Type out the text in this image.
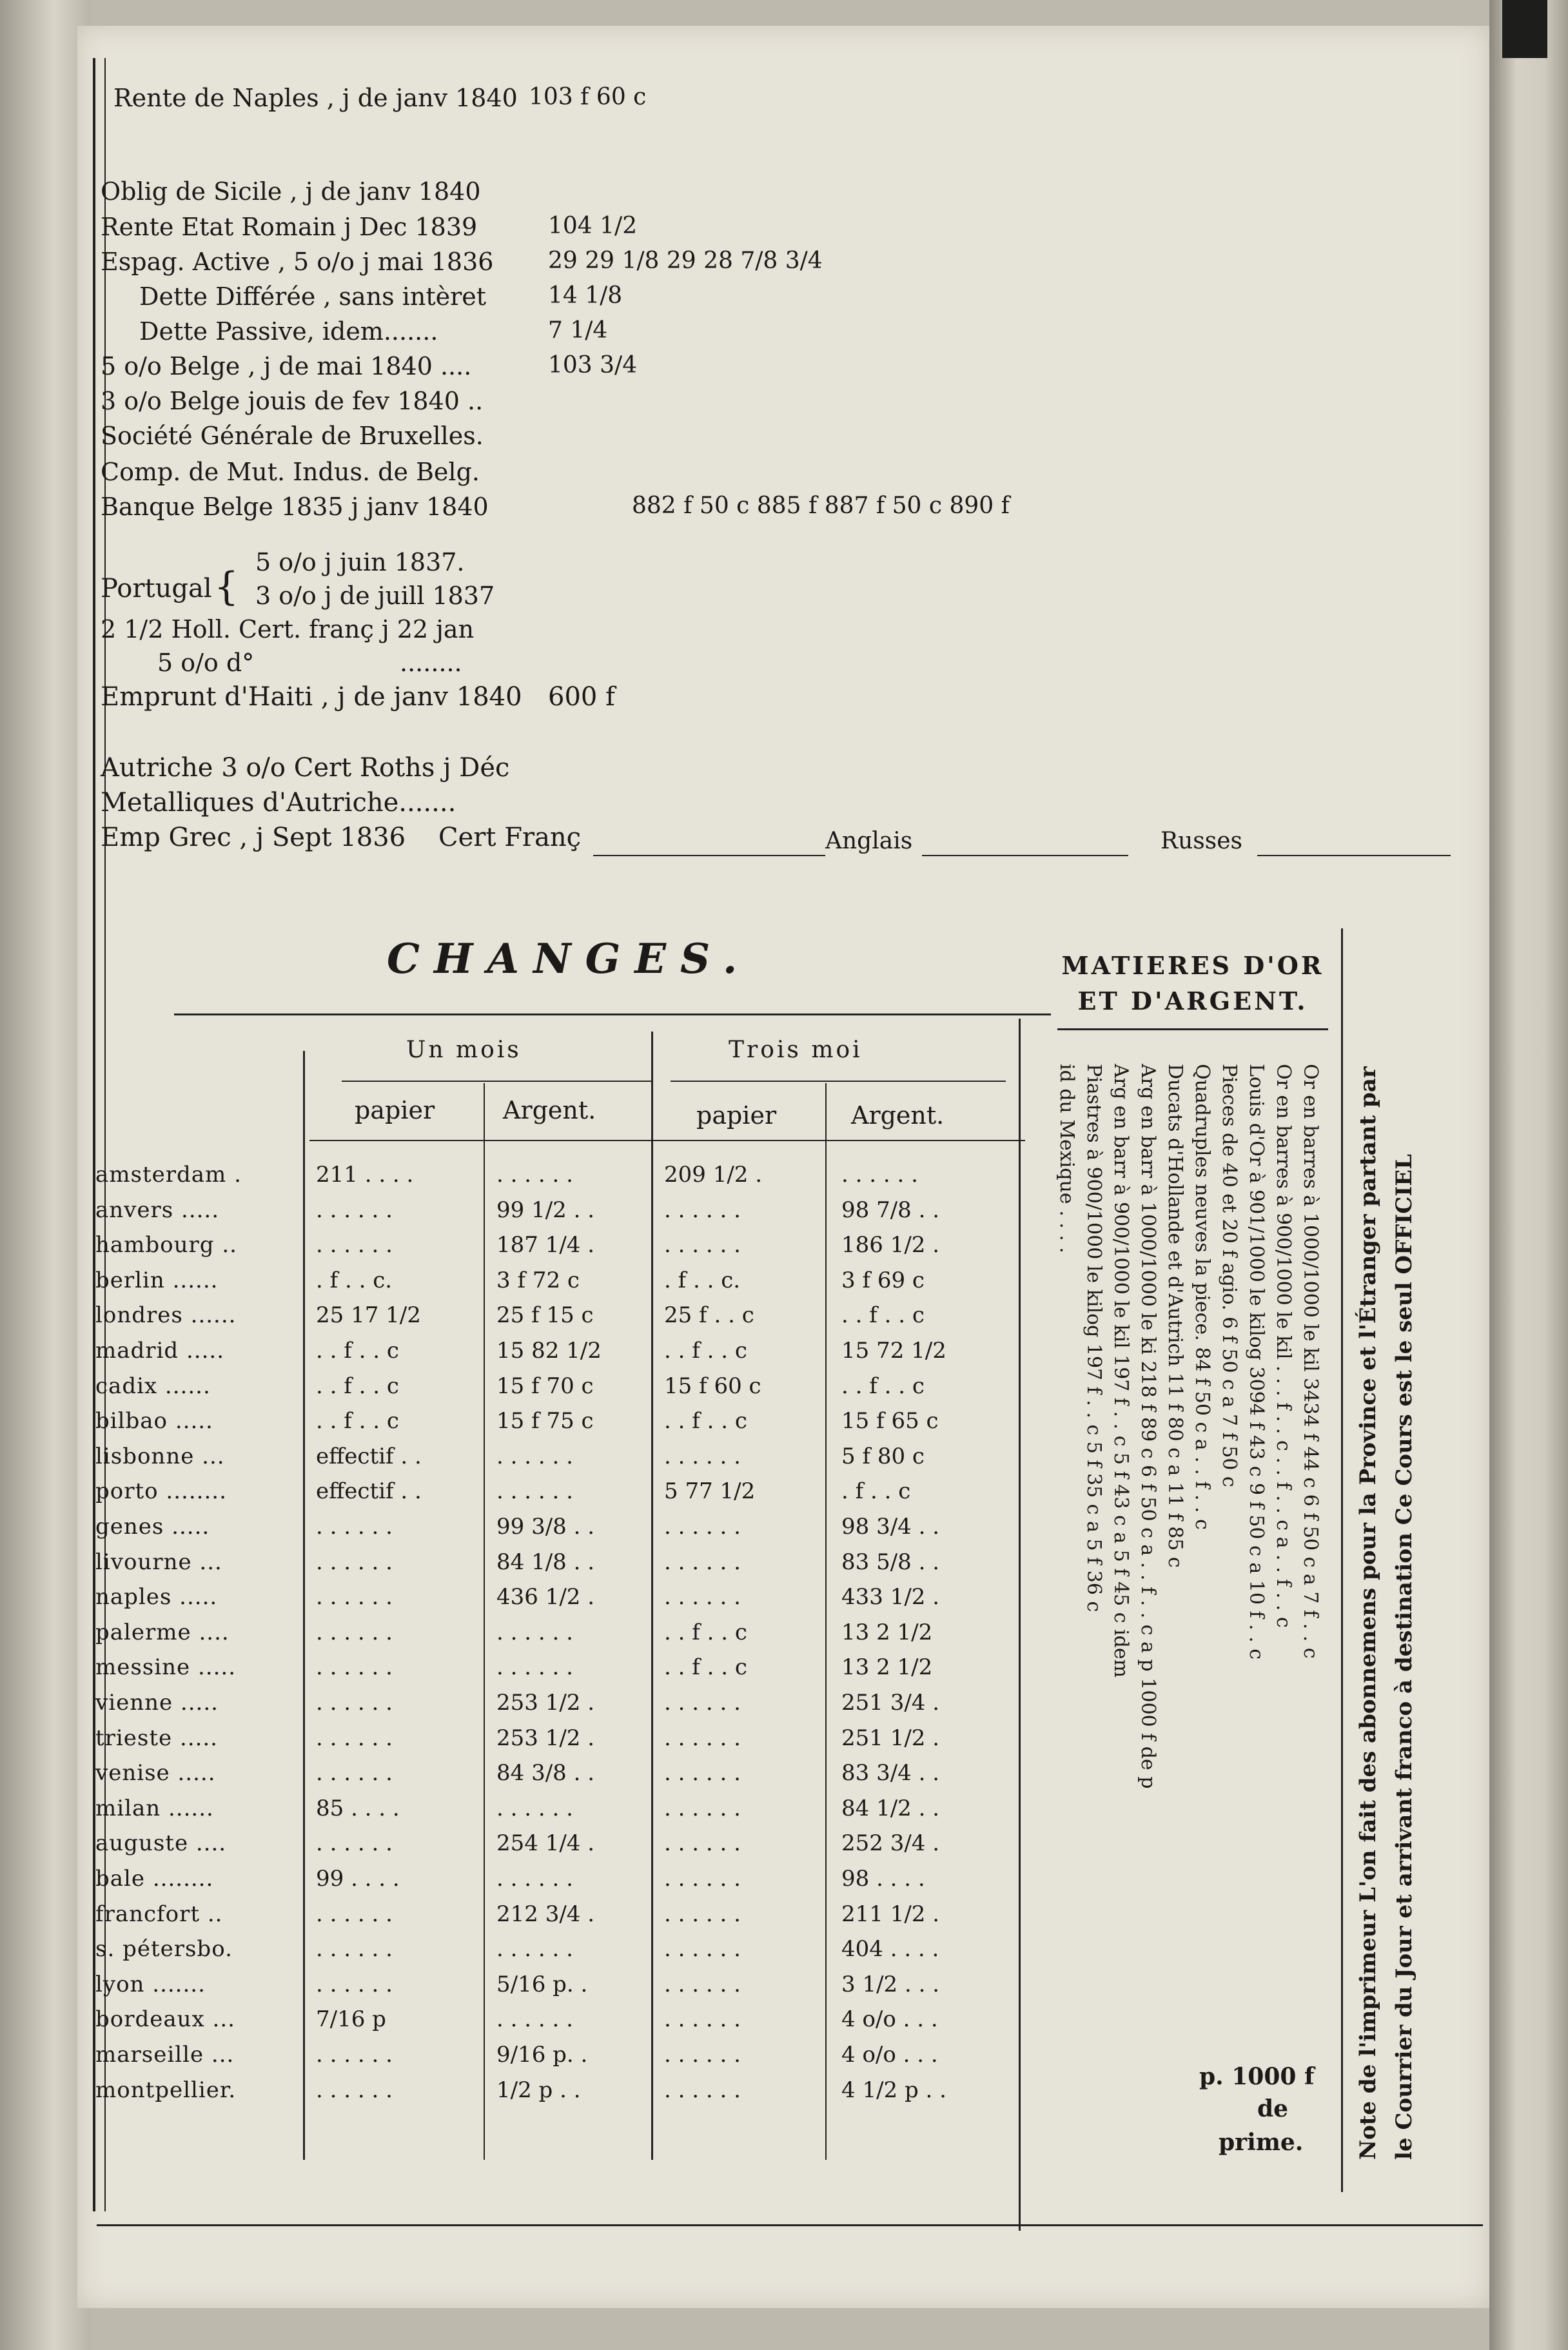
Rente de Naples , j de janv 1840 103 f 60 c
Oblig de Sicile , j de janv 1840
Rente Etat Romain j Dec 1839	104 1/2
Espag. Active , 5 o/o j mai 1836 29 29 1/8 29 28 7/8 3/4
Dette Différée , sans intèret	14 1/8
Dette Passive, idem.......	7 1/4
5 o/o Belge , j de mai 1840 ....	103 3/4
3 o/o Belge jouis de fev 1840 ..
Société Générale de Bruxelles.
Comp. de Mut. Indus. de Belg.
Banque Belge 1835 j janv 1840	882 f 50 c 885 f 887 f 50 c 890 f
Portugal {
5 o/o j juin 1837.
3 o/o j de juill 1837
2 1/2 Holl. Cert. franç j 22 jan
5 o/o d°	........
Emprunt d'Haiti , j de janv 1840 600 f
Autriche 3 o/o Cert Roths j Déc
Metalliques d'Autriche.......
Emp Grec , j Sept 1836 Cert Franç	Anglais	Russes
CHANGES.
Un mois	Trois moi
papier	Argent.	papier	Argent.
amsterdam .	211 . . . .	. . . . . .	209 1/2 .	. . . . . .
anvers .....	. . . . . .	99 1/2 . .	. . . . . .	98 7/8 . .
hambourg ..	. . . . . .	187 1/4 .	. . . . . .	186 1/2 .
berlin ......	. f . . c.	3 f 72 c	. f . . c.	3 f 69 c
londres ......	25 17 1/2	25 f 15 c	25 f . . c	. . f . . c
madrid .....	. . f . . c	15 82 1/2	. . f . . c	15 72 1/2
cadix ......	. . f . . c	15 f 70 c	15 f 60 c	. . f . . c
bilbao .....	. . f . . c	15 f 75 c	. . f . . c	15 f 65 c
lisbonne ...	effectif . .	. . . . . .	. . . . . .	5 f 80 c
porto ........	effectif . .	. . . . . .	5 77 1/2	. f . . c
genes .....	. . . . . .	99 3/8 . .	. . . . . .	98 3/4 . .
livourne ...	. . . . . .	84 1/8 . .	. . . . . .	83 5/8 . .
naples .....	. . . . . .	436 1/2 .	. . . . . .	433 1/2 .
palerme ....	. . . . . .	. . . . . .	. . f . . c	13 2 1/2
messine .....	. . . . . .	. . . . . .	. . f . . c	13 2 1/2
vienne .....	. . . . . .	253 1/2 .	. . . . . .	251 3/4 .
trieste .....	. . . . . .	253 1/2 .	. . . . . .	251 1/2 .
venise .....	. . . . . .	84 3/8 . .	. . . . . .	83 3/4 . .
milan ......	85 . . . .	. . . . . .	. . . . . .	84 1/2 . .
auguste ....	. . . . . .	254 1/4 .	. . . . . .	252 3/4 .
bale ........	99 . . . .	. . . . . .	. . . . . .	98 . . . .
francfort ..	. . . . . .	212 3/4 .	. . . . . .	211 1/2 .
s. pétersbo.	. . . . . .	. . . . . .	. . . . . .	404 . . . .
lyon .......	. . . . . .	5/16 p. .	. . . . . .	3 1/2 . . .
bordeaux ...	7/16 p	. . . . . .	. . . . . .	4 o/o . . .
marseille ...	. . . . . .	9/16 p. .	. . . . . .	4 o/o . . .
montpellier.	. . . . . .	1/2 p . .	. . . . . .	4 1/2 p . .
MATIERES D'OR
ET D'ARGENT.
Or en barres à 1000/1000 le kil 3434 f 44 c 6 f 50 c a 7 f . . c
Or en barres à 900/1000 le kil . . . f . . c . . f . . c a . . f . . c
Louis d'Or à 901/1000 le kilog 3094 f 43 c 9 f 50 c a 10 f . . c
Pieces de 40 et 20 f agio. 6 f 50 c a 7 f 50 c
Quadruples neuves la piece. 84 f 50 c a . . f . . c
Ducats d'Hollande et d'Autrich 11 f 80 c a 11 f 85 c
Arg en barr à 1000/1000 le ki 218 f 89 c 6 f 50 c a . . f . . c a p 1000 f de p
Arg en barr à 900/1000 le kil 197 f . . c 5 f 43 c a 5 f 45 c idem
Piastres à 900/1000 le kilog 197 f . . c 5 f 35 c a 5 f 36 c
id du Mexique . . . .
p. 1000 f
de
prime. Note de l'imprimeur L'on fait des abonnemens pour la Province et l'Étranger partant par le Courrier du Jour et arrivant franco à destination Ce Cours est le seul OFFICIEL
